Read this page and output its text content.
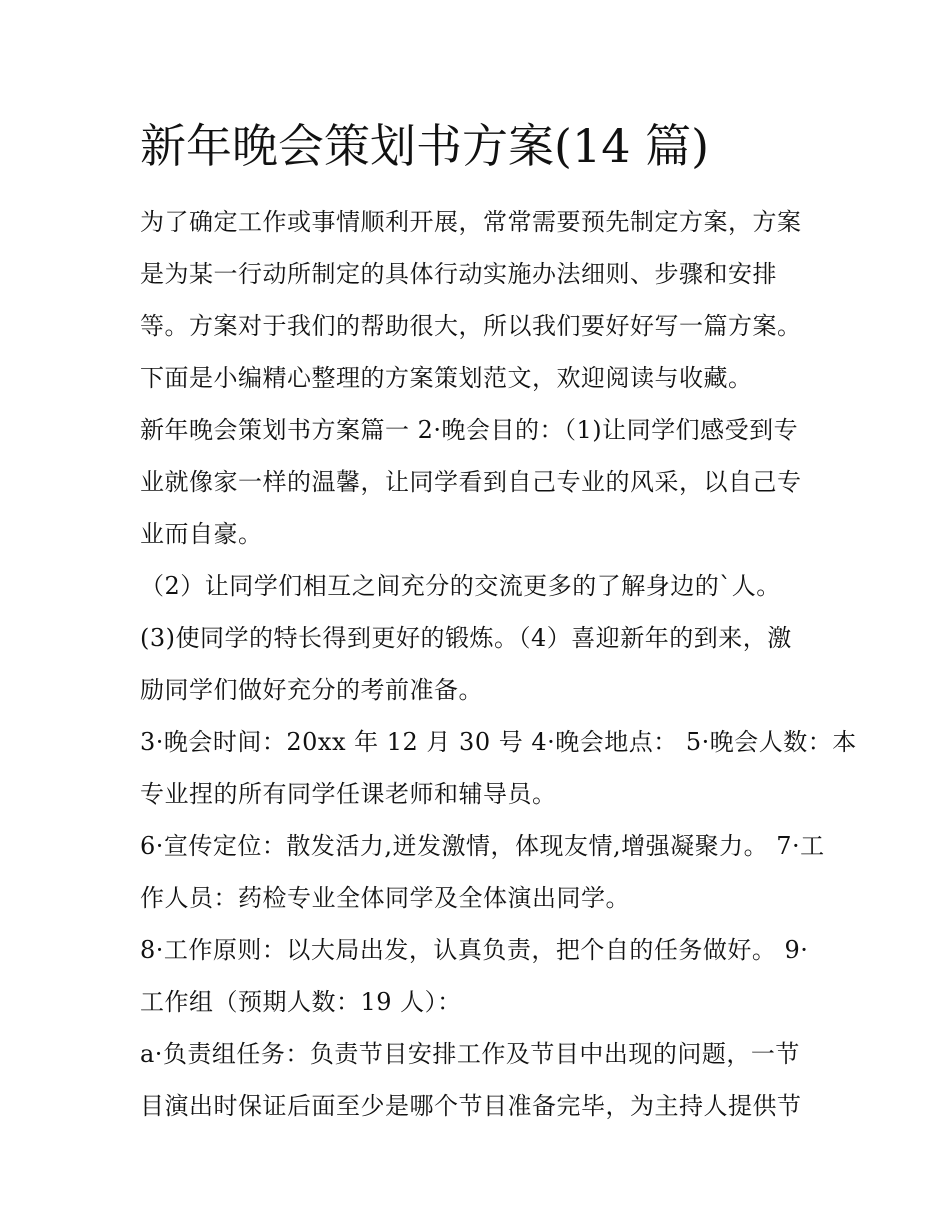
新年晚会策划书方案(14 篇)

为了确定工作或事情顺利开展，常常需要预先制定方案，方案

是为某一行动所制定的具体行动实施办法细则、步骤和安排

等。方案对于我们的帮助很大，所以我们要好好写一篇方案。

下面是小编精心整理的方案策划范文，欢迎阅读与收藏。

新年晚会策划书方案篇一 2·晚会目的：（1)让同学们感受到专

业就像家一样的温馨，让同学看到自己专业的风采，以自己专

业而自豪。

（2）让同学们相互之间充分的交流更多的了解身边的`人。

(3)使同学的特长得到更好的锻炼。（4）喜迎新年的到来，激

励同学们做好充分的考前准备。

3·晚会时间：20xx 年 12 月 30 号 4·晚会地点： 5·晚会人数：本

专业捏的所有同学任课老师和辅导员。

6·宣传定位：散发活力,迸发激情，体现友情,增强凝聚力。 7·工

作人员：药检专业全体同学及全体演出同学。

8·工作原则：以大局出发，认真负责，把个自的任务做好。 9·

工作组（预期人数：19 人）：

a·负责组任务：负责节目安排工作及节目中出现的问题，一节

目演出时保证后面至少是哪个节目准备完毕，为主持人提供节
